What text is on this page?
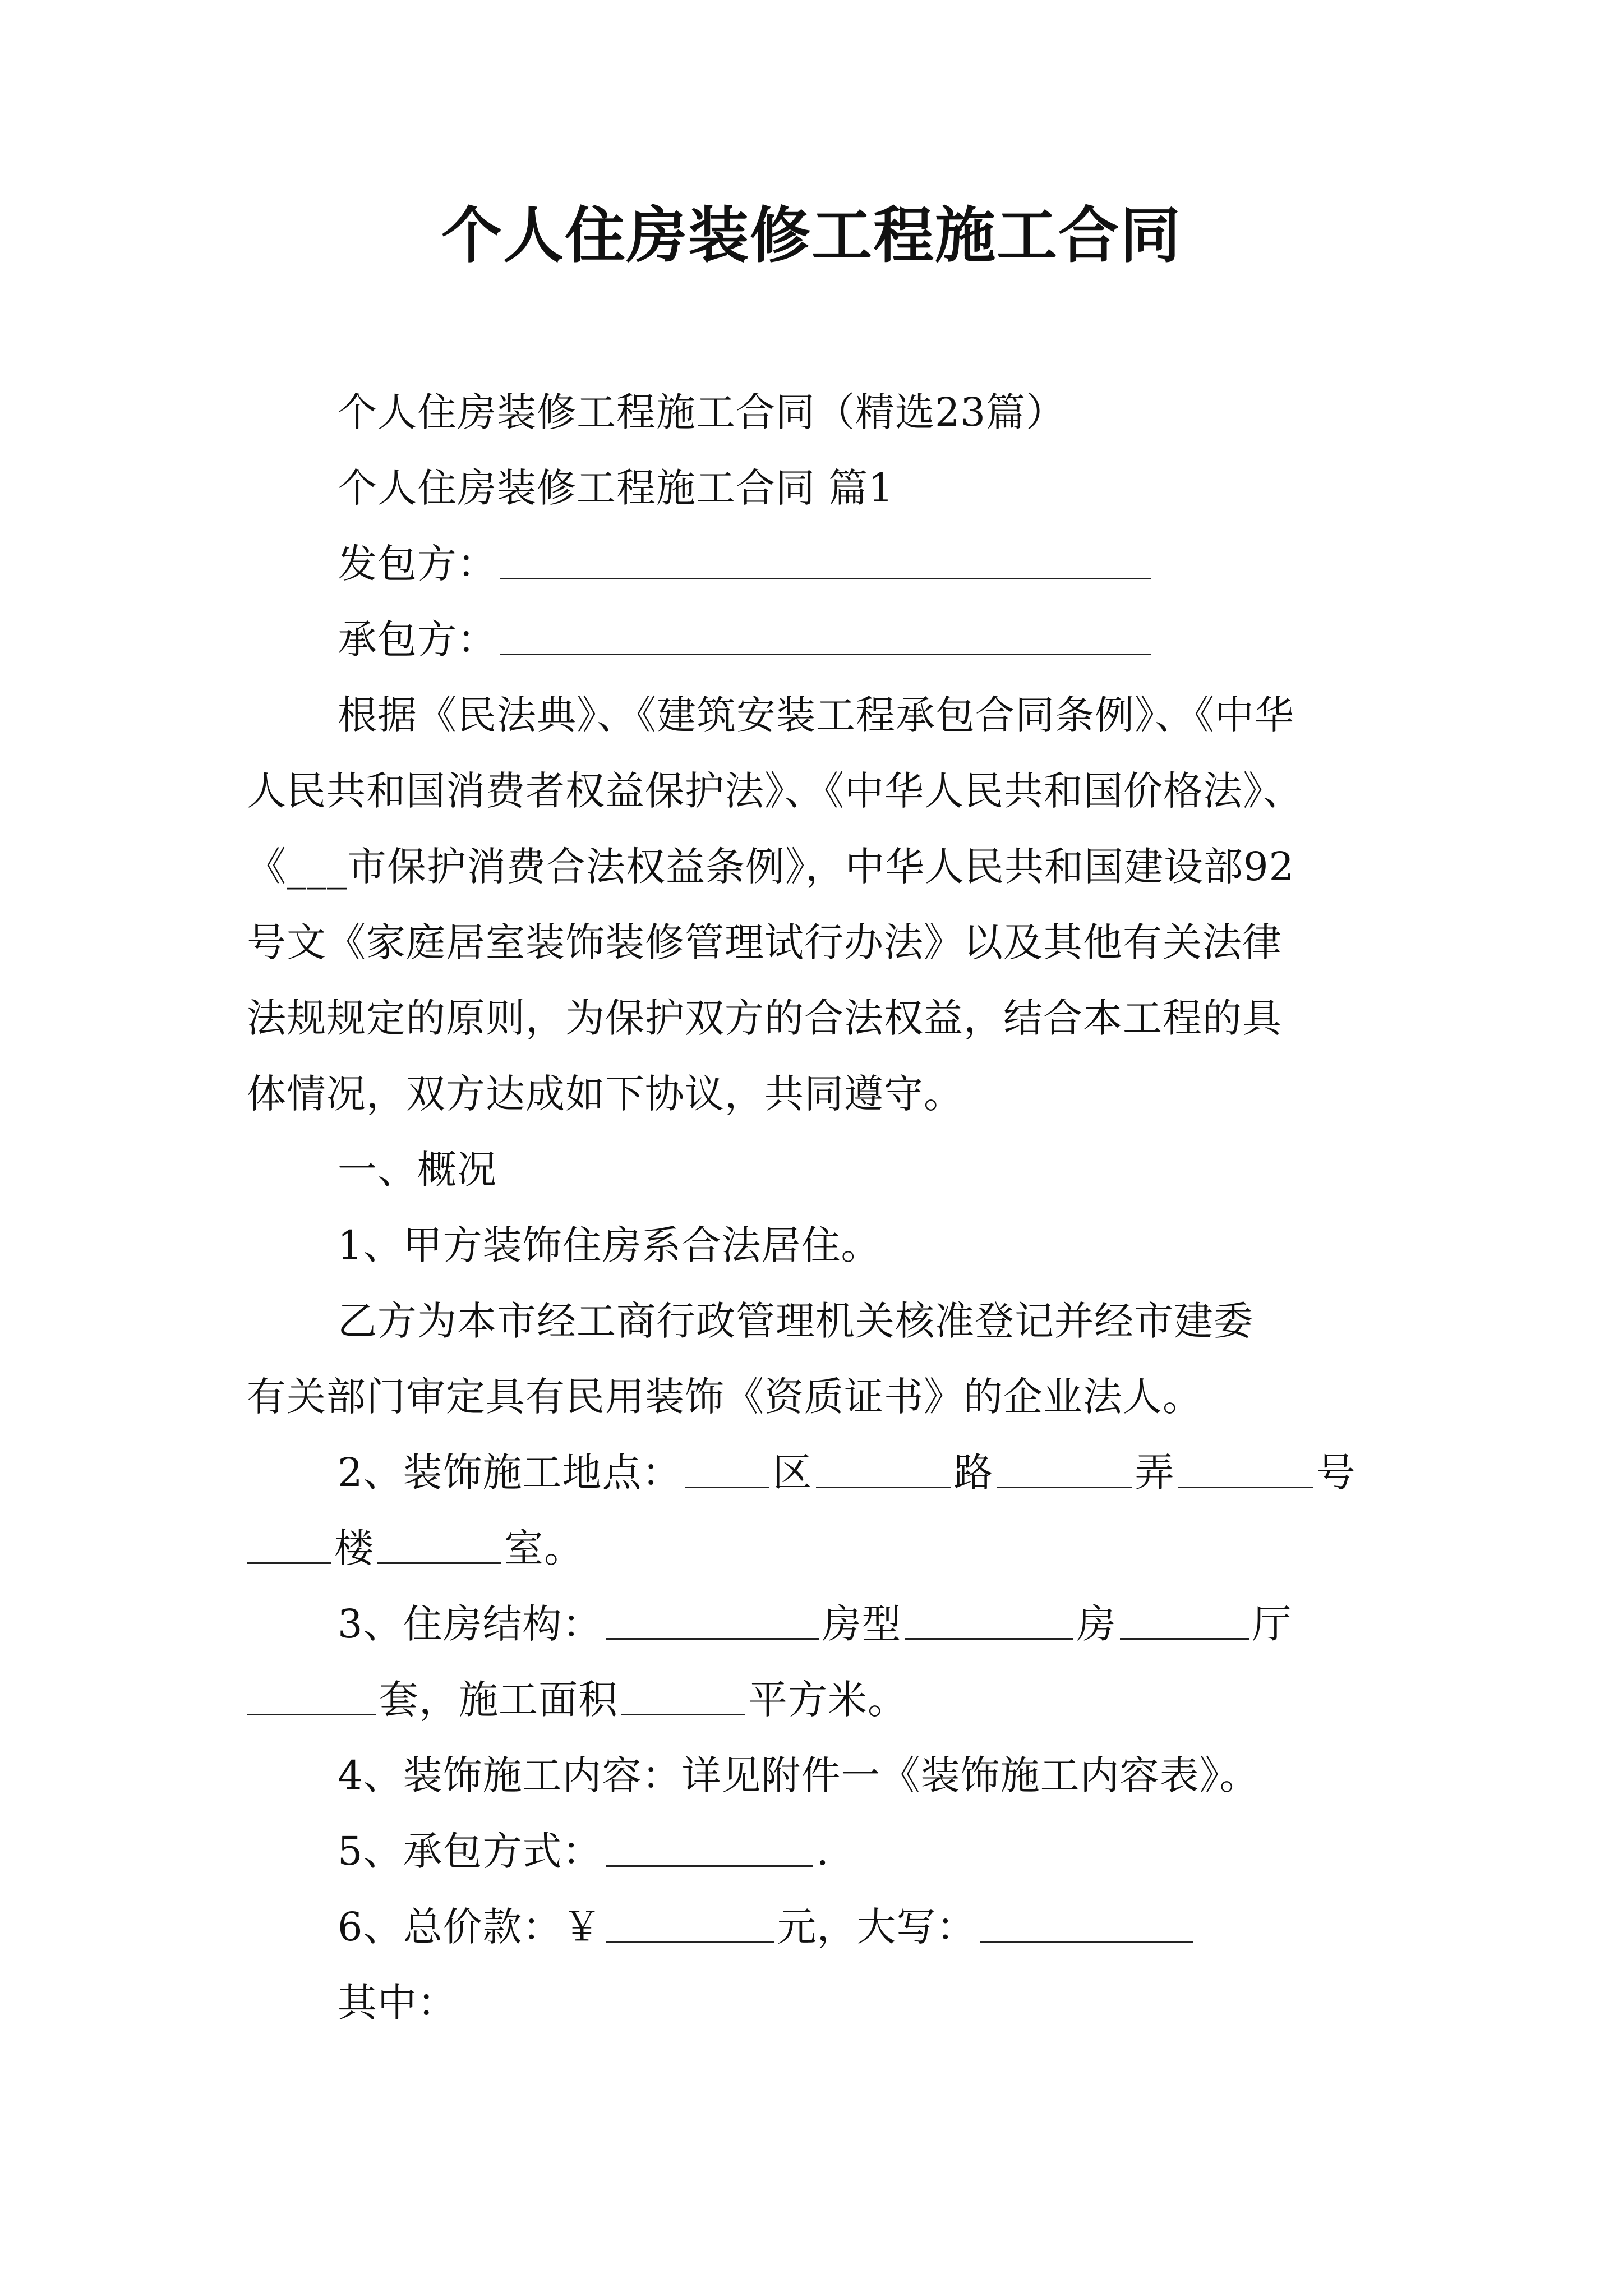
个人住房装修工程施工合同
个人住房装修工程施工合同（精选23篇）
个人住房装修工程施工合同 篇1
发包方：
承包方：
根据《民法典》、《建筑安装工程承包合同条例》、《中华
人民共和国消费者权益保护法》、《中华人民共和国价格法》、
《___市保护消费合法权益条例》，中华人民共和国建设部92
号文《家庭居室装饰装修管理试行办法》以及其他有关法律
法规规定的原则，为保护双方的合法权益，结合本工程的具
体情况，双方达成如下协议，共同遵守。
一、概况
1、甲方装饰住房系合法居住。
乙方为本市经工商行政管理机关核准登记并经市建委
有关部门审定具有民用装饰《资质证书》的企业法人。
2、装饰施工地点： 区	路	弄	号
楼	室。
3、住房结构：	房型	房	厅
套，施工面积	平方米。
4、装饰施工内容：详见附件一《装饰施工内容表》。
5、承包方式：	.
6、总价款：￥	元，大写：
其中：
